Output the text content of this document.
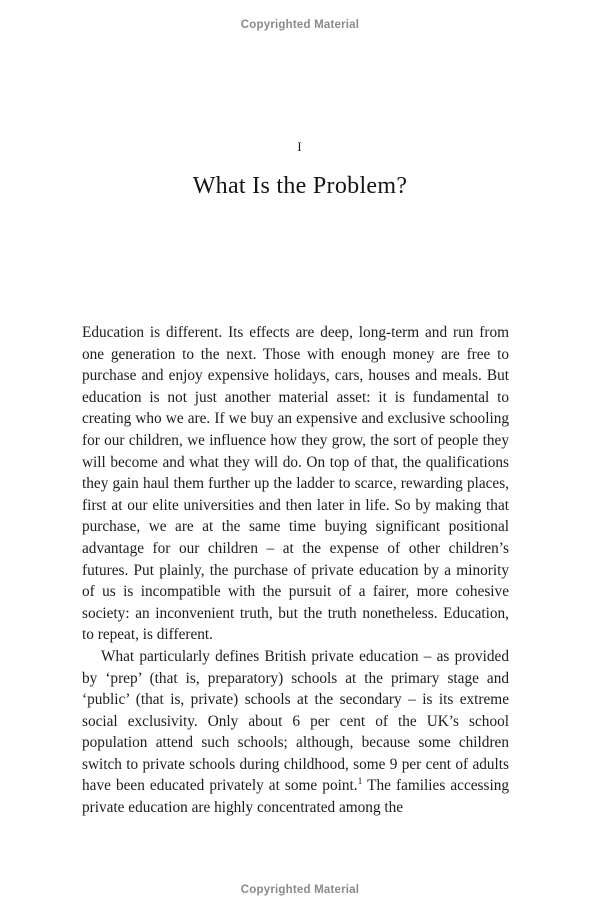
Copyrighted Material
I
What Is the Problem?

Education is different. Its effects are deep, long-term and run from one generation to the next. Those with enough money are free to purchase and enjoy expensive holidays, cars, houses and meals. But education is not just another material asset: it is fundamental to creating who we are. If we buy an expensive and exclusive schooling for our children, we influence how they grow, the sort of people they will become and what they will do. On top of that, the qualifications they gain haul them further up the ladder to scarce, rewarding places, first at our elite universities and then later in life. So by making that purchase, we are at the same time buying significant positional advantage for our children – at the expense of other children’s futures. Put plainly, the purchase of private education by a minority of us is incompatible with the pursuit of a fairer, more cohesive society: an inconvenient truth, but the truth nonetheless. Education, to repeat, is different.

What particularly defines British private education – as provided by ‘prep’ (that is, preparatory) schools at the primary stage and ‘public’ (that is, private) schools at the secondary – is its extreme social exclusivity. Only about 6 per cent of the UK’s school population attend such schools; although, because some children switch to private schools during childhood, some 9 per cent of adults have been educated privately at some point.$^1$ The families accessing private education are highly concentrated among the

Copyrighted Material
